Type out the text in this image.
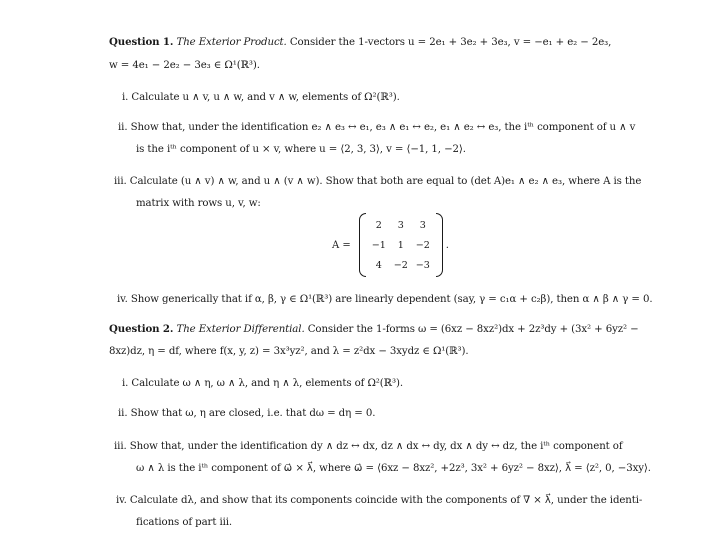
Question 1. The Exterior Product. Consider the 1-vectors u = 2e₁ + 3e₂ + 3e₃, v = −e₁ + e₂ − 2e₃,
w = 4e₁ − 2e₂ − 3e₃ ∈ Ω¹(ℝ³).
i. Calculate u ∧ v, u ∧ w, and v ∧ w, elements of Ω²(ℝ³).
ii. Show that, under the identification e₂ ∧ e₃ ↔ e₁, e₃ ∧ e₁ ↔ e₂, e₁ ∧ e₂ ↔ e₃, the iᵗʰ component of u ∧ v
is the iᵗʰ component of u × v, where u = ⟨2, 3, 3⟩, v = ⟨−1, 1, −2⟩.
iii. Calculate (u ∧ v) ∧ w, and u ∧ (v ∧ w). Show that both are equal to (det A)e₁ ∧ e₂ ∧ e₃, where A is the
matrix with rows u, v, w:
A =
2	3	3
−1	1	−2
4	−2	−3
.
iv. Show generically that if α, β, γ ∈ Ω¹(ℝ³) are linearly dependent (say, γ = c₁α + c₂β), then α ∧ β ∧ γ = 0.
Question 2. The Exterior Differential. Consider the 1-forms ω = (6xz − 8xz²)dx + 2z³dy + (3x² + 6yz² −
8xz)dz, η = df, where f(x, y, z) = 3x³yz², and λ = z²dx − 3xydz ∈ Ω¹(ℝ³).
i. Calculate ω ∧ η, ω ∧ λ, and η ∧ λ, elements of Ω²(ℝ³).
ii. Show that ω, η are closed, i.e. that dω = dη = 0.
iii. Show that, under the identification dy ∧ dz ↔ dx, dz ∧ dx ↔ dy, dx ∧ dy ↔ dz, the iᵗʰ component of
ω ∧ λ is the iᵗʰ component of ω⃗ × λ⃗, where ω⃗ = ⟨6xz − 8xz², +2z³, 3x² + 6yz² − 8xz⟩, λ⃗ = ⟨z², 0, −3xy⟩.
iv. Calculate dλ, and show that its components coincide with the components of ∇ × λ⃗, under the identi-
fications of part iii.
